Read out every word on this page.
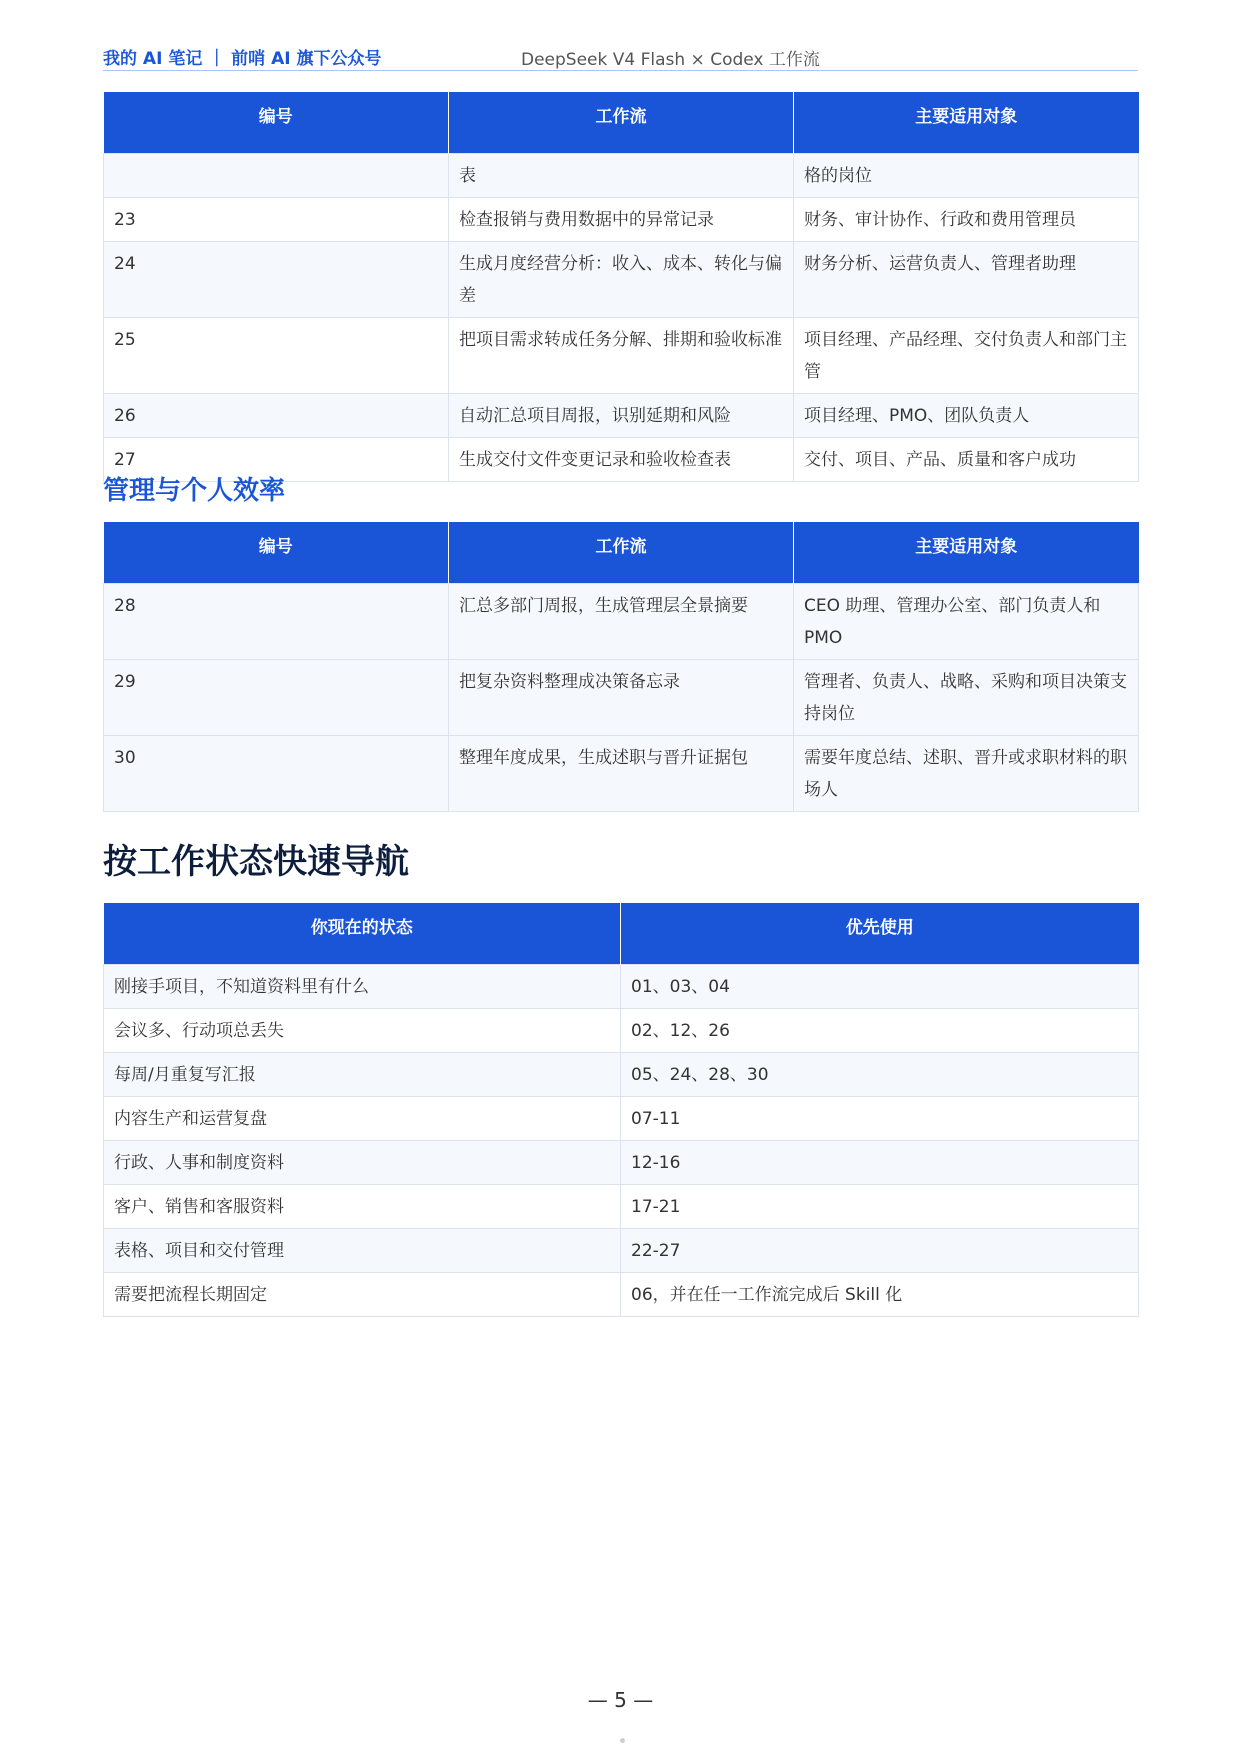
我的 AI 笔记 ｜ 前哨 AI 旗下公众号	DeepSeek V4 Flash × Codex 工作流
编号	工作流	主要适用对象
	表	格的岗位
23	检查报销与费用数据中的异常记录	财务、审计协作、行政和费用管理员
24	生成月度经营分析：收入、成本、转化与偏差	财务分析、运营负责人、管理者助理
25	把项目需求转成任务分解、排期和验收标准	项目经理、产品经理、交付负责人和部门主管
26	自动汇总项目周报，识别延期和风险	项目经理、PMO、团队负责人
27	生成交付文件变更记录和验收检查表	交付、项目、产品、质量和客户成功
管理与个人效率
编号	工作流	主要适用对象
28	汇总多部门周报，生成管理层全景摘要	CEO 助理、管理办公室、部门负责人和 PMO
29	把复杂资料整理成决策备忘录	管理者、负责人、战略、采购和项目决策支持岗位
30	整理年度成果，生成述职与晋升证据包	需要年度总结、述职、晋升或求职材料的职场人
按工作状态快速导航
你现在的状态	优先使用
刚接手项目，不知道资料里有什么	01、03、04
会议多、行动项总丢失	02、12、26
每周/月重复写汇报	05、24、28、30
内容生产和运营复盘	07-11
行政、人事和制度资料	12-16
客户、销售和客服资料	17-21
表格、项目和交付管理	22-27
需要把流程长期固定	06，并在任一工作流完成后 Skill 化
— 5 —
